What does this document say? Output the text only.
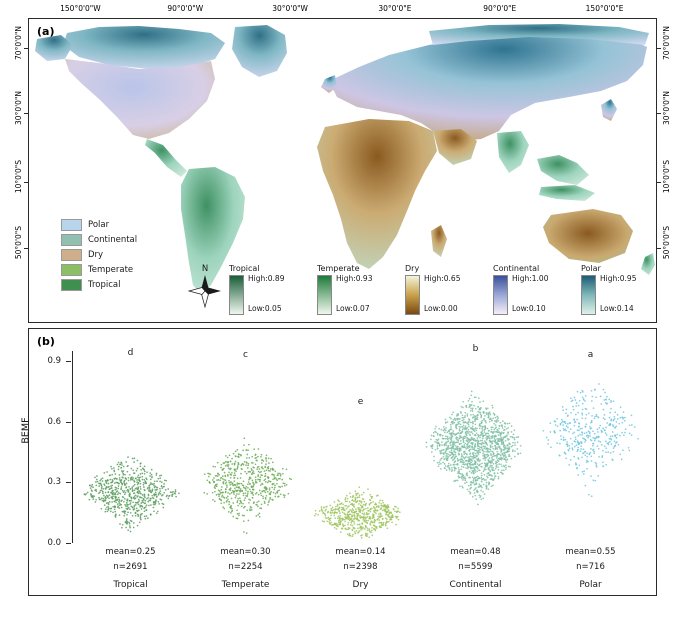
150°0'0"W	90°0'0"W	30°0'0"W	30°0'0"E	90°0'0"E	150°0'0"E
(a)
Polar
Continental
Dry
Temperate
Tropical
N	Tropical
High:0.89
Low:0.05
Temperate
High:0.93
Low:0.07
Dry
High:0.65
Low:0.00
Continental
High:1.00
Low:0.10
Polar
High:0.95
Low:0.14
(b)
BEMF
0.0
0.3
0.6
0.9
d
mean=0.25
n=2691
Tropical
c
mean=0.30
n=2254
Temperate
e
mean=0.14
n=2398
Dry
b
mean=0.48
n=5599
Continental
a
mean=0.55
n=716
Polar
70°0'0"N	70°0'0"N
30°0'0"N	30°0'0"N
10°0'0"S	10°0'0"S
50°0'0"S	50°0'0"S
